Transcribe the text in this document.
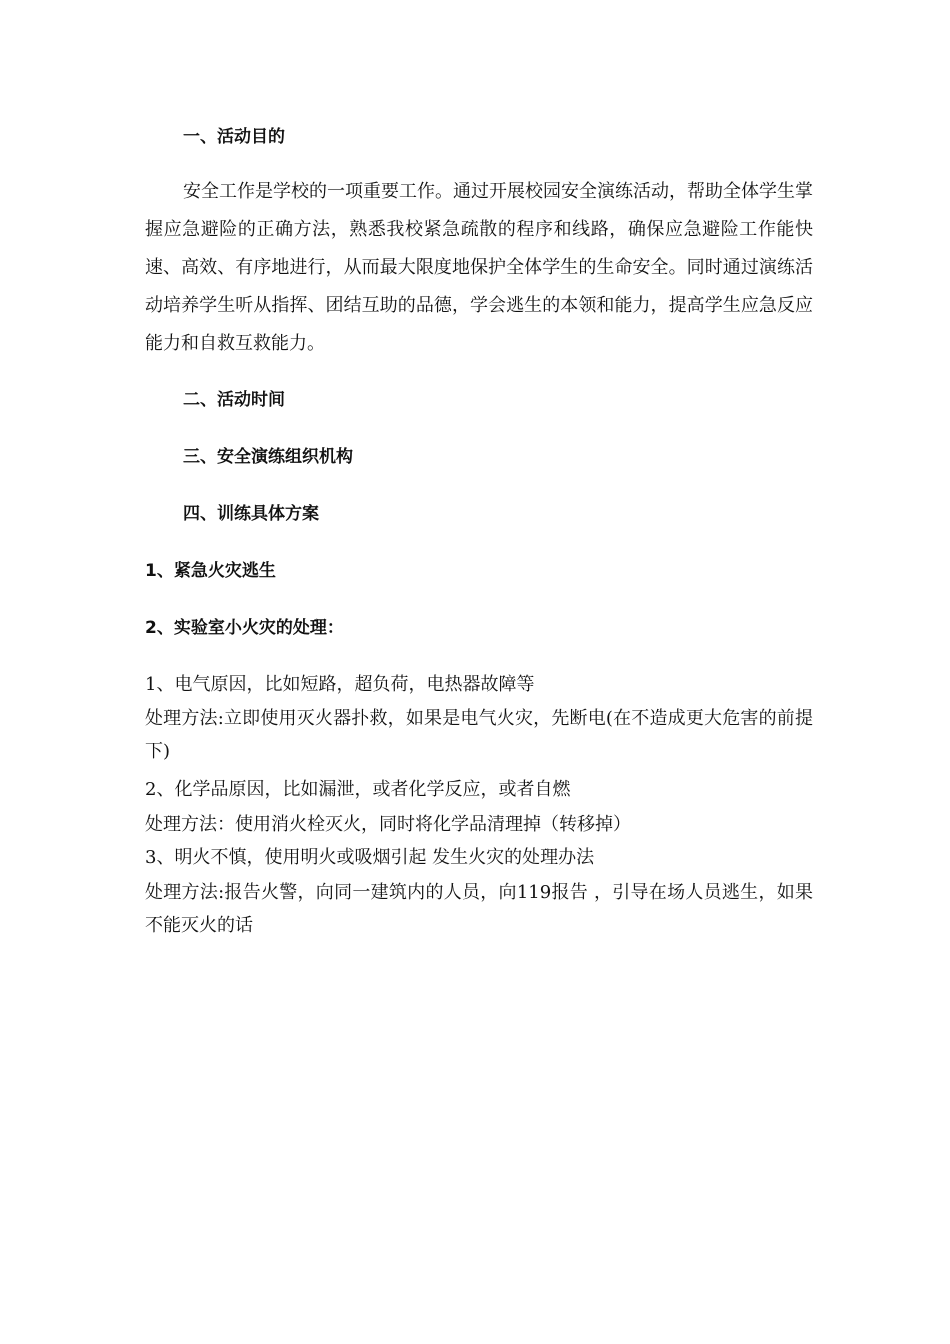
一、活动目的
安全工作是学校的一项重要工作。通过开展校园安全演练活动，帮助全体学生掌握应急避险的正确方法，熟悉我校紧急疏散的程序和线路，确保应急避险工作能快速、高效、有序地进行，从而最大限度地保护全体学生的生命安全。同时通过演练活动培养学生听从指挥、团结互助的品德，学会逃生的本领和能力，提高学生应急反应能力和自救互救能力。
二、活动时间
三、安全演练组织机构
四、训练具体方案
1、紧急火灾逃生
2、实验室小火灾的处理：
1、电气原因，比如短路，超负荷，电热器故障等
处理方法:立即使用灭火器扑救，如果是电气火灾，先断电(在不造成更大危害的前提下)
2、化学品原因，比如漏泄，或者化学反应，或者自燃
处理方法：使用消火栓灭火，同时将化学品清理掉（转移掉）
3、明火不慎，使用明火或吸烟引起 发生火灾的处理办法
处理方法:报告火警，向同一建筑内的人员，向119报告 ，引导在场人员逃生，如果不能灭火的话
